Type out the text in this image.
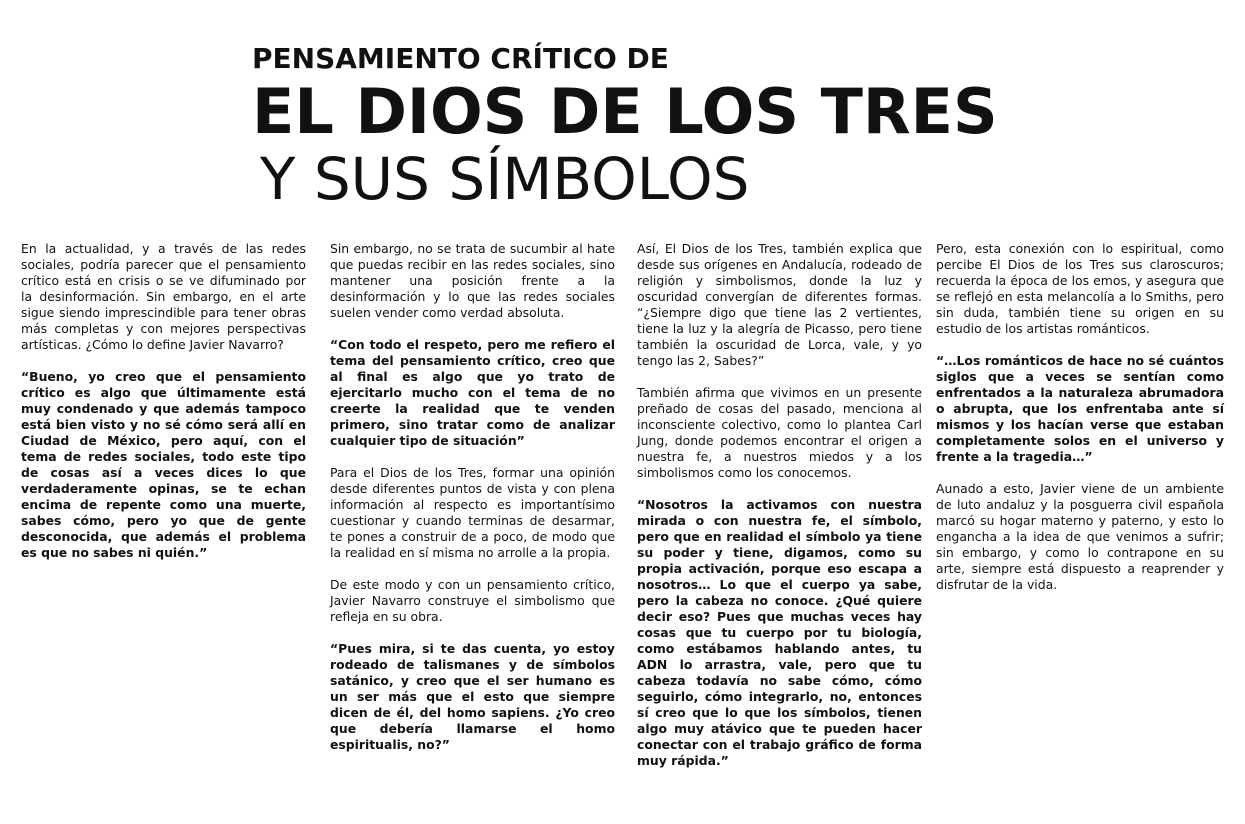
PENSAMIENTO CRÍTICO DE
EL DIOS DE LOS TRES
Y SUS SÍMBOLOS

En la actualidad, y a través de las redes sociales, podría parecer que el pensamiento crítico está en crisis o se ve difuminado por la desinformación. Sin embargo, en el arte sigue siendo imprescindible para tener obras más completas y con mejores perspectivas artísticas. ¿Cómo lo define Javier Navarro?

“Bueno, yo creo que el pensamiento crítico es algo que últimamente está muy condenado y que además tampoco está bien visto y no sé cómo será allí en Ciudad de México, pero aquí, con el tema de redes sociales, todo este tipo de cosas así a veces dices lo que verdaderamente opinas, se te echan encima de repente como una muerte, sabes cómo, pero yo que de gente desconocida, que además el problema es que no sabes ni quién.”

Sin embargo, no se trata de sucumbir al hate que puedas recibir en las redes sociales, sino mantener una posición frente a la desinformación y lo que las redes sociales suelen vender como verdad absoluta.

“Con todo el respeto, pero me refiero el tema del pensamiento crítico, creo que al final es algo que yo trato de ejercitarlo mucho con el tema de no creerte la realidad que te venden primero, sino tratar como de analizar cualquier tipo de situación”

Para el Dios de los Tres, formar una opinión desde diferentes puntos de vista y con plena información al respecto es importantísimo cuestionar y cuando terminas de desarmar, te pones a construir de a poco, de modo que la realidad en sí misma no arrolle a la propia.

De este modo y con un pensamiento crítico, Javier Navarro construye el simbolismo que refleja en su obra.

“Pues mira, si te das cuenta, yo estoy rodeado de talismanes y de símbolos satánico, y creo que el ser humano es un ser más que el esto que siempre dicen de él, del homo sapiens. ¿Yo creo que debería llamarse el homo espiritualis, no?”

Así, El Dios de los Tres, también explica que desde sus orígenes en Andalucía, rodeado de religión y simbolismos, donde la luz y oscuridad convergían de diferentes formas. “¿Siempre digo que tiene las 2 vertientes, tiene la luz y la alegría de Picasso, pero tiene también la oscuridad de Lorca, vale, y yo tengo las 2, Sabes?”

También afirma que vivimos en un presente preñado de cosas del pasado, menciona al inconsciente colectivo, como lo plantea Carl Jung, donde podemos encontrar el origen a nuestra fe, a nuestros miedos y a los simbolismos como los conocemos.

“Nosotros la activamos con nuestra mirada o con nuestra fe, el símbolo, pero que en realidad el símbolo ya tiene su poder y tiene, digamos, como su propia activación, porque eso escapa a nosotros… Lo que el cuerpo ya sabe, pero la cabeza no conoce. ¿Qué quiere decir eso? Pues que muchas veces hay cosas que tu cuerpo por tu biología, como estábamos hablando antes, tu ADN lo arrastra, vale, pero que tu cabeza todavía no sabe cómo, cómo seguirlo, cómo integrarlo, no, entonces sí creo que lo que los símbolos, tienen algo muy atávico que te pueden hacer conectar con el trabajo gráfico de forma muy rápida.”

Pero, esta conexión con lo espiritual, como percibe El Dios de los Tres sus claroscuros; recuerda la época de los emos, y asegura que se reflejó en esta melancolía a lo Smiths, pero sin duda, también tiene su origen en su estudio de los artistas románticos.

“…Los románticos de hace no sé cuántos siglos que a veces se sentían como enfrentados a la naturaleza abrumadora o abrupta, que los enfrentaba ante sí mismos y los hacían verse que estaban completamente solos en el universo y frente a la tragedia…”

Aunado a esto, Javier viene de un ambiente de luto andaluz y la posguerra civil española marcó su hogar materno y paterno, y esto lo engancha a la idea de que venimos a sufrir; sin embargo, y como lo contrapone en su arte, siempre está dispuesto a reaprender y disfrutar de la vida.
